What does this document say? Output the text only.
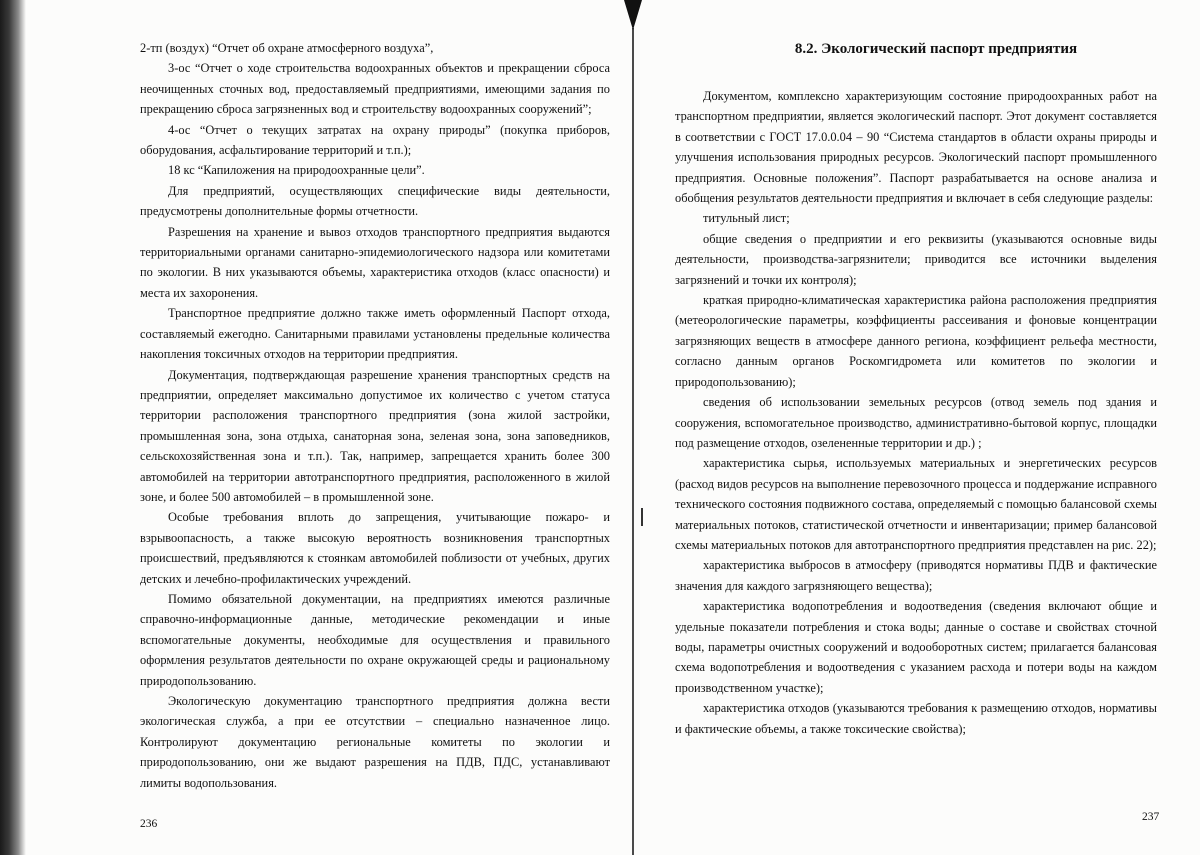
2-тп (воздух) “Отчет об охране атмосферного воздуха”,

3-ос “Отчет о ходе строительства водоохранных объектов и прекращении сброса неочищенных сточных вод, предоставляемый предприятиями, имеющими задания по прекращению сброса загрязненных вод и строительству водоохранных сооружений”;

4-ос “Отчет о текущих затратах на охрану природы” (покупка приборов, оборудования, асфальтирование территорий и т.п.);

18 кс “Капиложения на природоохранные цели”.

Для предприятий, осуществляющих специфические виды деятельности, предусмотрены дополнительные формы отчетности.

Разрешения на хранение и вывоз отходов транспортного предприятия выдаются территориальными органами санитарно-эпидемиологического надзора или комитетами по экологии. В них указываются объемы, характеристика отходов (класс опасности) и места их захоронения.

Транспортное предприятие должно также иметь оформленный Паспорт отхода, составляемый ежегодно. Санитарными правилами установлены предельные количества накопления токсичных отходов на территории предприятия.

Документация, подтверждающая разрешение хранения транспортных средств на предприятии, определяет максимально допустимое их количество с учетом статуса территории расположения транспортного предприятия (зона жилой застройки, промышленная зона, зона отдыха, санаторная зона, зеленая зона, зона заповедников, сельскохозяйственная зона и т.п.). Так, например, запрещается хранить более 300 автомобилей на территории автотранспортного предприятия, расположенного в жилой зоне, и более 500 автомобилей – в промышленной зоне.

Особые требования вплоть до запрещения, учитывающие пожаро- и взрывоопасность, а также высокую вероятность возникновения транспортных происшествий, предъявляются к стоянкам автомобилей поблизости от учебных, других детских и лечебно-профилактических учреждений.

Помимо обязательной документации, на предприятиях имеются различные справочно-информационные данные, методические рекомендации и иные вспомогательные документы, необходимые для осуществления и правильного оформления результатов деятельности по охране окружающей среды и рациональному природопользованию.

Экологическую документацию транспортного предприятия должна вести экологическая служба, а при ее отсутствии – специально назначенное лицо. Контролируют документацию региональные комитеты по экологии и природопользованию, они же выдают разрешения на ПДВ, ПДС, устанавливают лимиты водопользования.

236
8.2. Экологический паспорт предприятия

Документом, комплексно характеризующим состояние природоохранных работ на транспортном предприятии, является экологический паспорт. Этот документ составляется в соответствии с ГОСТ 17.0.0.04 – 90 “Система стандартов в области охраны природы и улучшения использования природных ресурсов. Экологический паспорт промышленного предприятия. Основные положения”. Паспорт разрабатывается на основе анализа и обобщения результатов деятельности предприятия и включает в себя следующие разделы:

титульный лист;

общие сведения о предприятии и его реквизиты (указываются основные виды деятельности, производства-загрязнители; приводится все источники выделения загрязнений и точки их контроля);

краткая природно-климатическая характеристика района расположения предприятия (метеорологические параметры, коэффициенты рассеивания и фоновые концентрации загрязняющих веществ в атмосфере данного региона, коэффициент рельефа местности, согласно данным органов Роскомгидромета или комитетов по экологии и природопользованию);

сведения об использовании земельных ресурсов (отвод земель под здания и сооружения, вспомогательное производство, административно-бытовой корпус, площадки под размещение отходов, озелененные территории и др.) ;

характеристика сырья, используемых материальных и энергетических ресурсов (расход видов ресурсов на выполнение перевозочного процесса и поддержание исправного технического состояния подвижного состава, определяемый с помощью балансовой схемы материальных потоков, статистической отчетности и инвентаризации; пример балансовой схемы материальных потоков для автотранспортного предприятия представлен на рис. 22);

характеристика выбросов в атмосферу (приводятся нормативы ПДВ и фактические значения для каждого загрязняющего вещества);

характеристика водопотребления и водоотведения (сведения включают общие и удельные показатели потребления и стока воды; данные о составе и свойствах сточной воды, параметры очистных сооружений и водооборотных систем; прилагается балансовая схема водопотребления и водоотведения с указанием расхода и потери воды на каждом производственном участке);

характеристика отходов (указываются требования к размещению отходов, нормативы и фактические объемы, а также токсические свойства);

237
